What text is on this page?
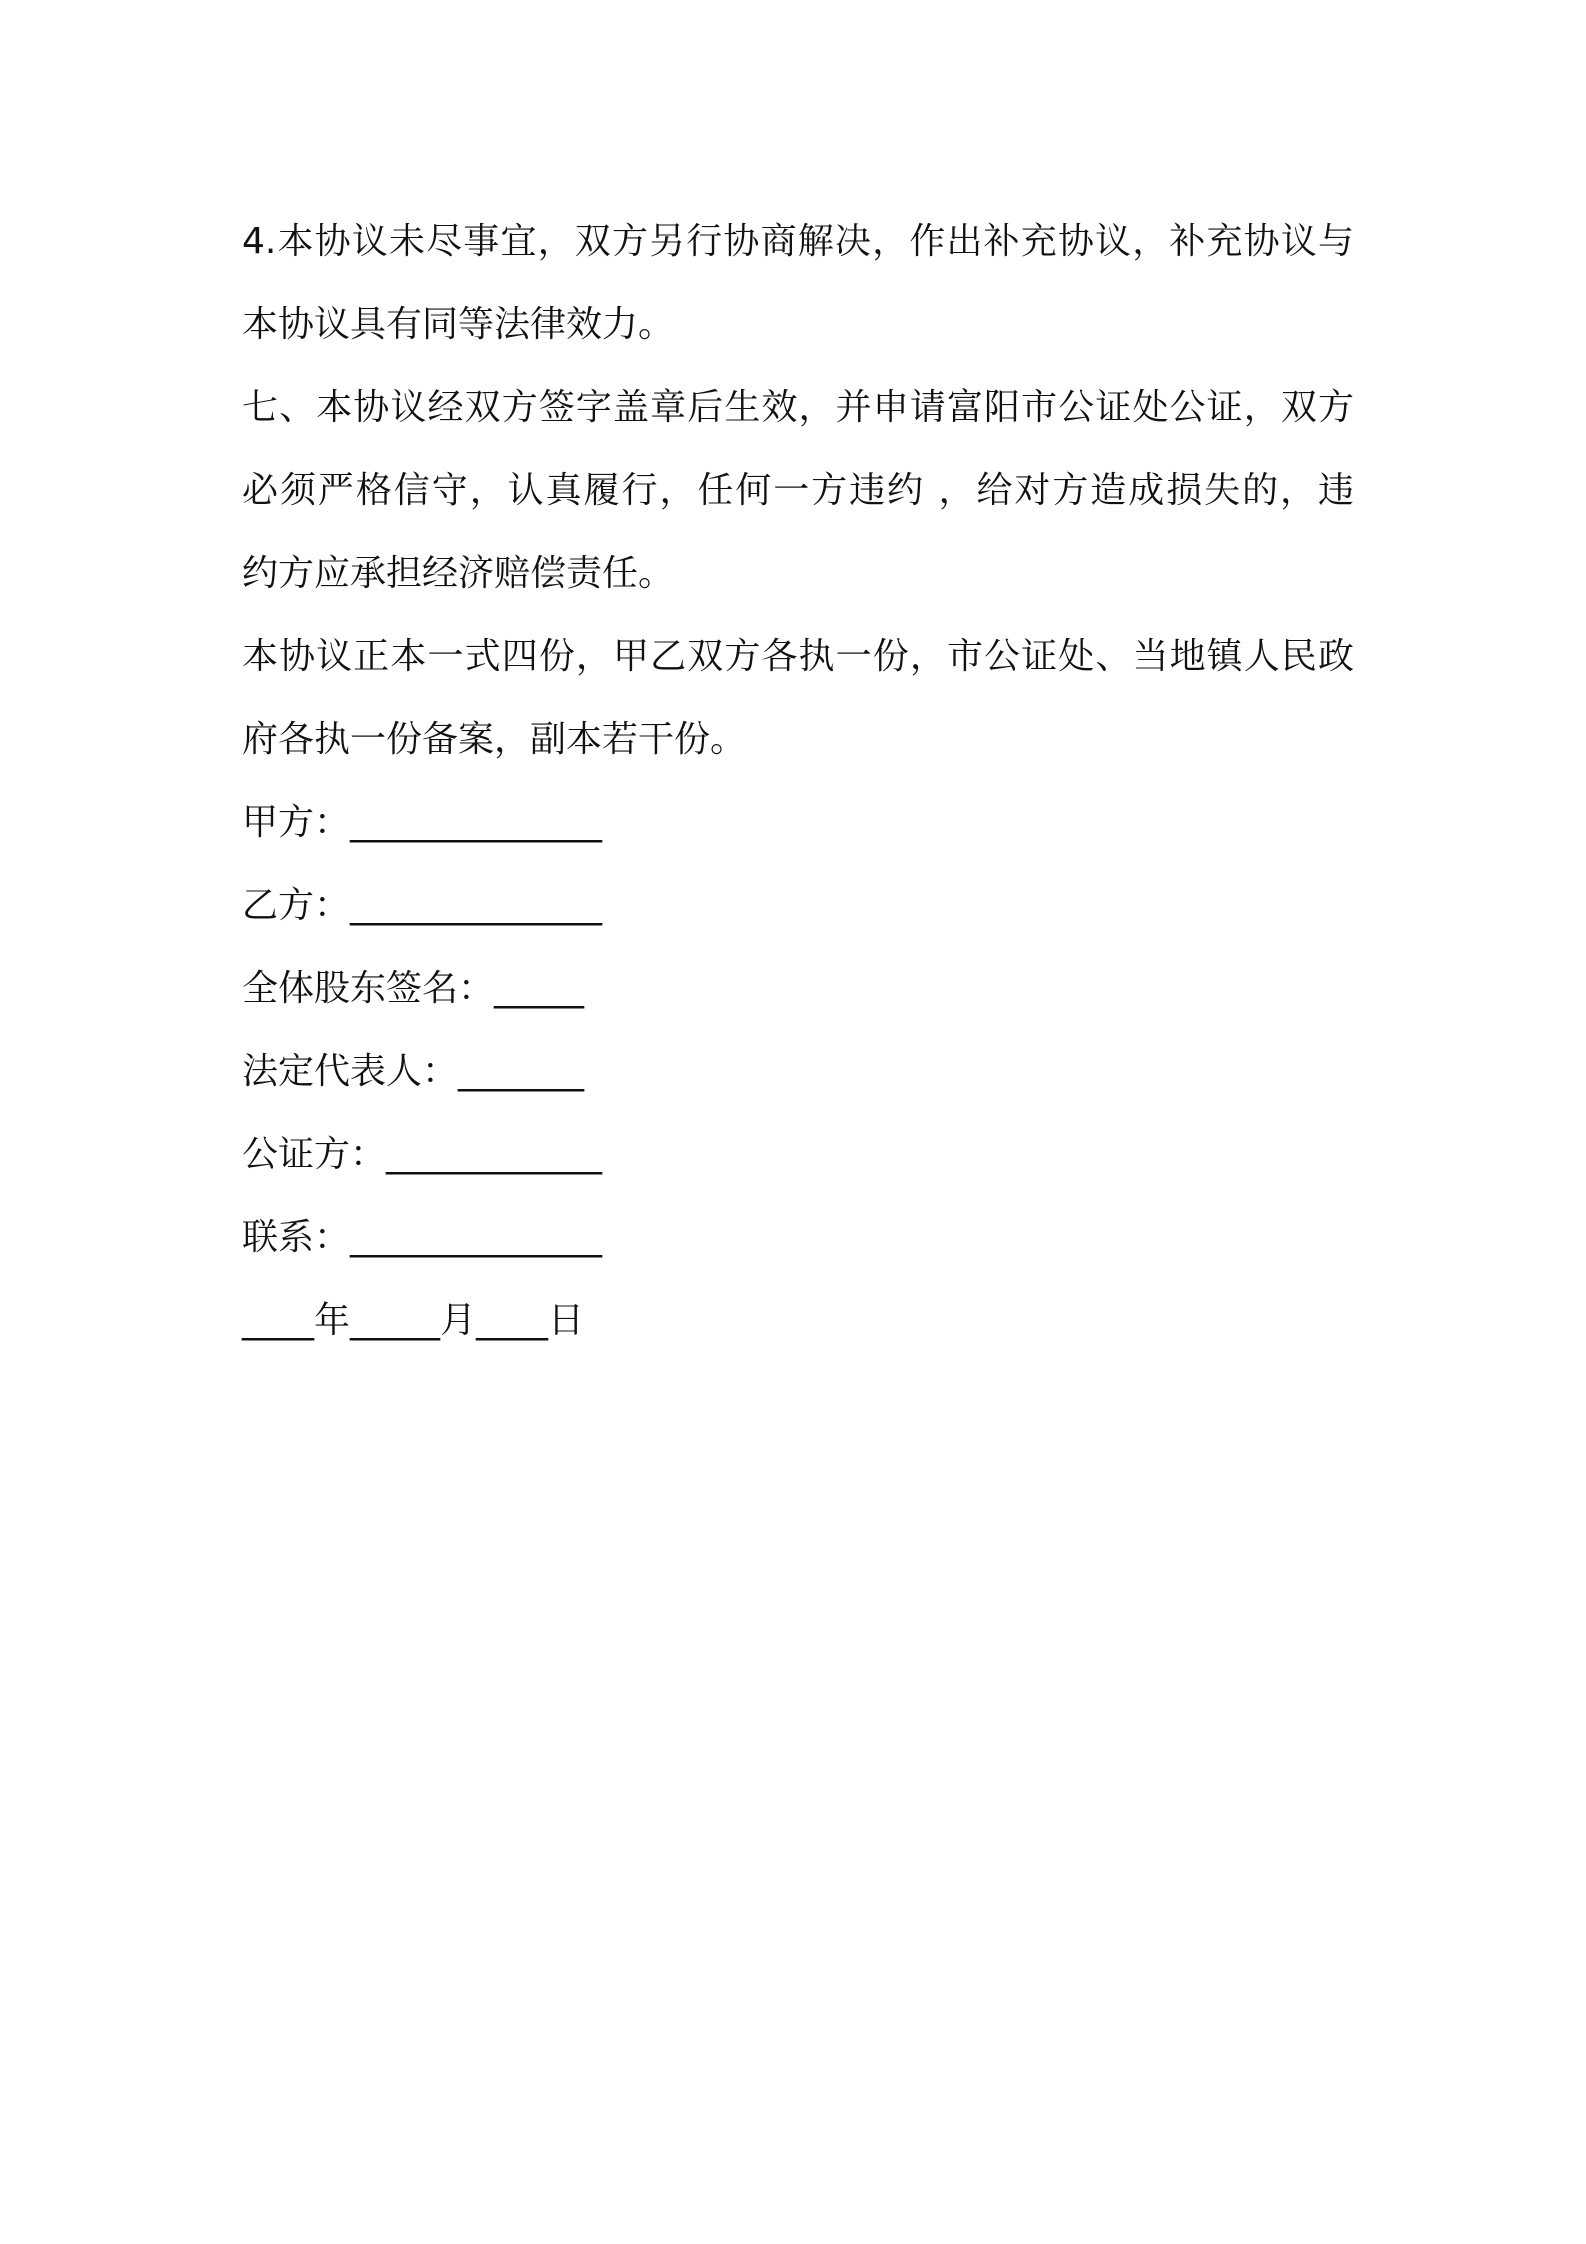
4.本协议未尽事宜，双方另行协商解决，作出补充协议，补充协议与
本协议具有同等法律效力。
七、本协议经双方签字盖章后生效，并申请富阳市公证处公证，双方
必须严格信守，认真履行，任何一方违约 ，给对方造成损失的，违
约方应承担经济赔偿责任。
本协议正本一式四份，甲乙双方各执一份，市公证处、当地镇人民政
府各执一份备案，副本若干份。
甲方：______________
乙方：______________
全体股东签名：_____
法定代表人：_______
公证方：____________
联系：______________
____年_____月____日
